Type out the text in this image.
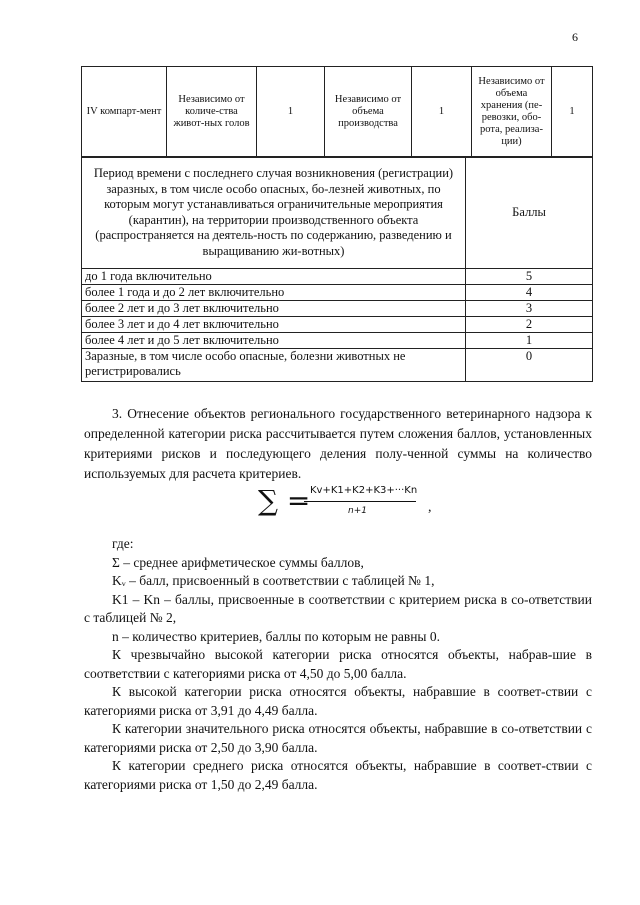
6
IV компарт-мент	Независимо от количе-ства живот-ных голов	1	Независимо от объема производства	1	Независимо от объема хранения (пе-ревозки, обо-рота, реализа-ции)	1
Период времени с последнего случая возникновения (регистрации) заразных, в том числе особо опасных, бо-лезней животных, по которым могут устанавливаться ограничительные мероприятия (карантин), на территории производственного объекта (распространяется на деятель-ность по содержанию, разведению и выращиванию жи-вотных)	Баллы
до 1 года включительно	5
более 1 года и до 2 лет включительно	4
более 2 лет и до 3 лет включительно	3
более 3 лет и до 4 лет включительно	2
более 4 лет и до 5 лет включительно	1
Заразные, в том числе особо опасные, болезни животных не регистрировались	0
3. Отнесение объектов регионального государственного ветеринарного надзора к определенной категории риска рассчитывается путем сложения баллов, установленных критериями рисков и последующего деления полу-ченной суммы на количество используемых для расчета критериев.
∑ = Kv+K1+K2+K3+···Kn
n+1	,
где:
Σ – среднее арифметическое суммы баллов,
Kᵥ – балл, присвоенный в соответствии с таблицей № 1,
K1 – Kn – баллы, присвоенные в соответствии с критерием риска в со-ответствии с таблицей № 2,
n – количество критериев, баллы по которым не равны 0.
К чрезвычайно высокой категории риска относятся объекты, набрав-шие в соответствии с категориями риска от 4,50 до 5,00 балла.
К высокой категории риска относятся объекты, набравшие в соответ-ствии с категориями риска от 3,91 до 4,49 балла.
К категории значительного риска относятся объекты, набравшие в со-ответствии с категориями риска от 2,50 до 3,90 балла.
К категории среднего риска относятся объекты, набравшие в соответ-ствии с категориями риска от 1,50 до 2,49 балла.
